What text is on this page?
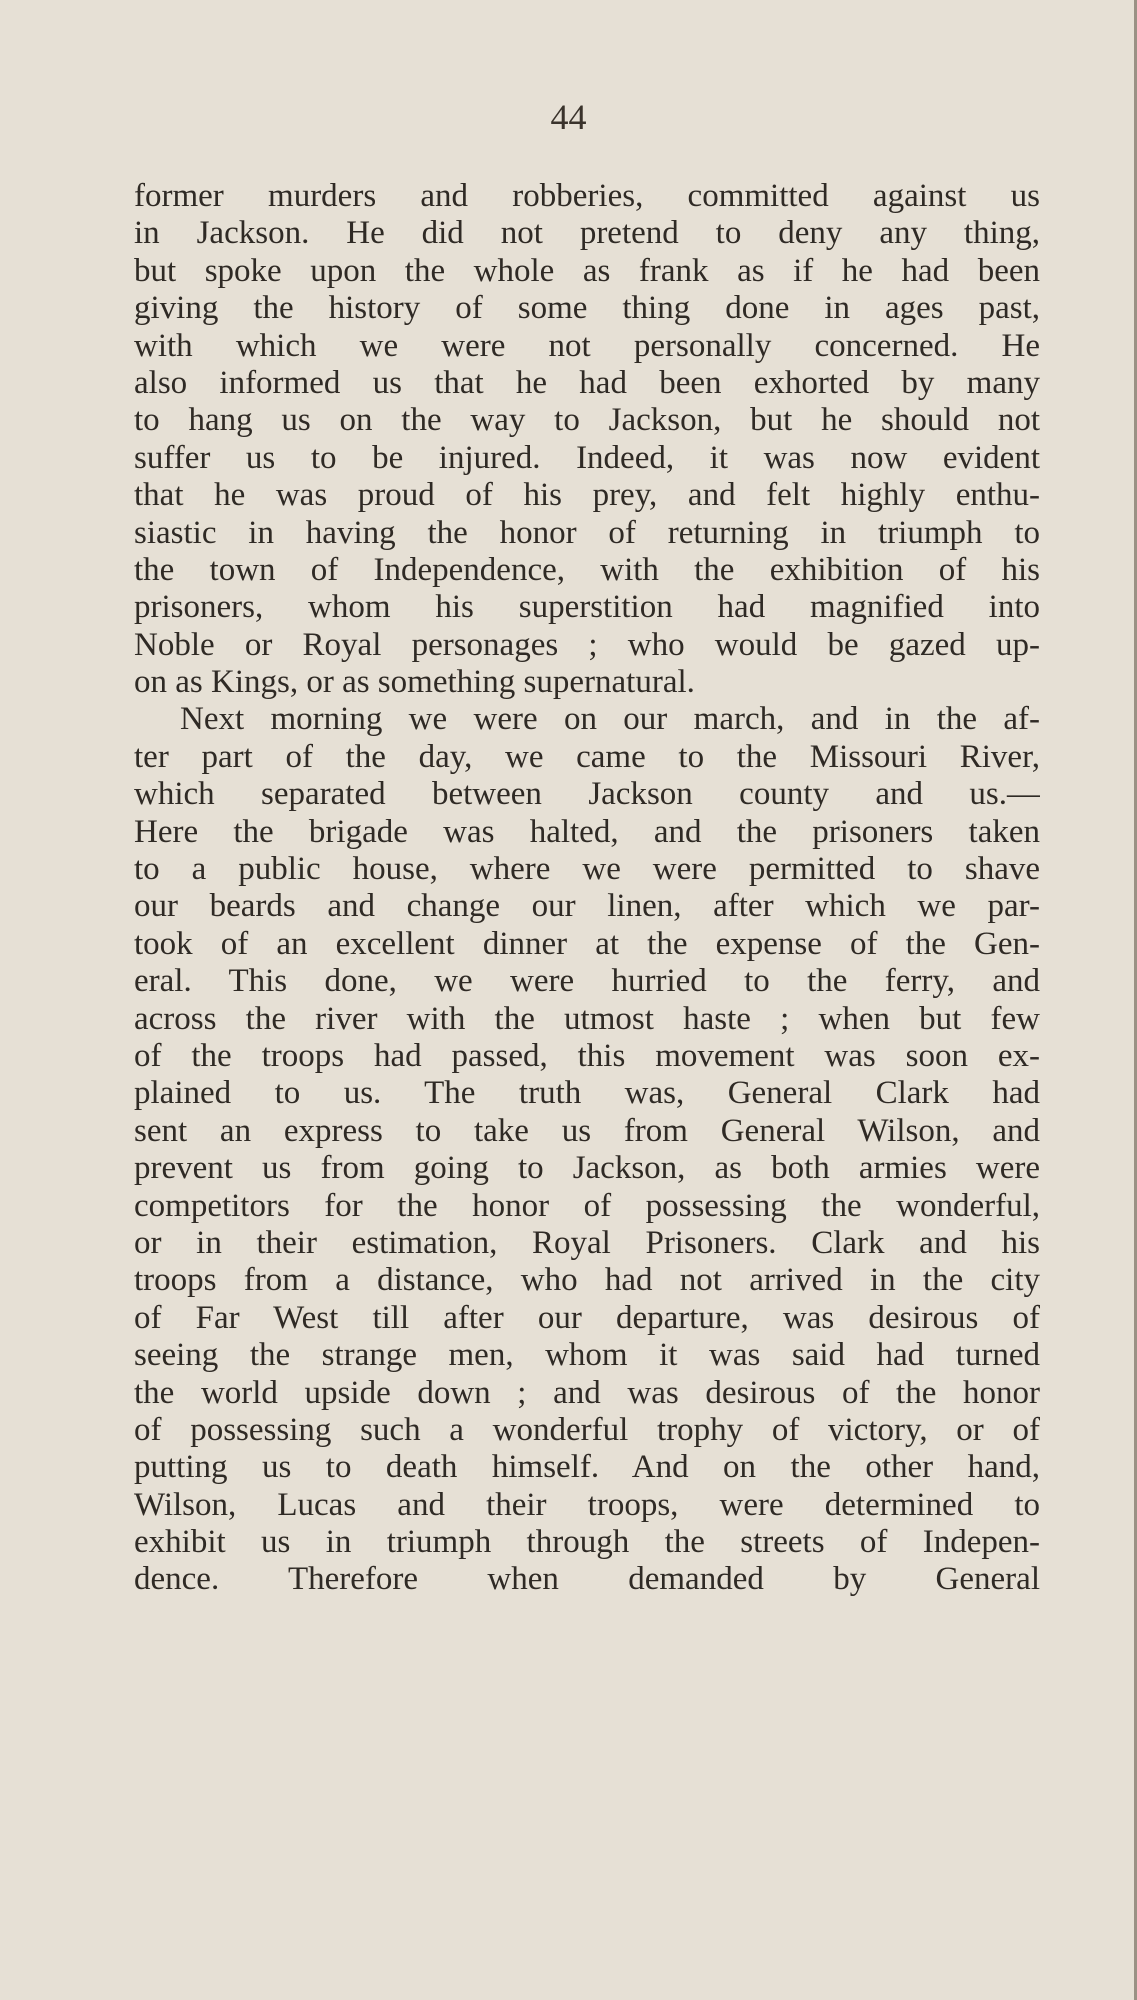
44
former murders and robberies, committed against us
in Jackson. He did not pretend to deny any thing,
but spoke upon the whole as frank as if he had been
giving the history of some thing done in ages past,
with which we were not personally concerned. He
also informed us that he had been exhorted by many
to hang us on the way to Jackson, but he should not
suffer us to be injured. Indeed, it was now evident
that he was proud of his prey, and felt highly enthu-
siastic in having the honor of returning in triumph to
the town of Independence, with the exhibition of his
prisoners, whom his superstition had magnified into
Noble or Royal personages ; who would be gazed up-
on as Kings, or as something supernatural.
Next morning we were on our march, and in the af-
ter part of the day, we came to the Missouri River,
which separated between Jackson county and us.—
Here the brigade was halted, and the prisoners taken
to a public house, where we were permitted to shave
our beards and change our linen, after which we par-
took of an excellent dinner at the expense of the Gen-
eral. This done, we were hurried to the ferry, and
across the river with the utmost haste ; when but few
of the troops had passed, this movement was soon ex-
plained to us. The truth was, General Clark had
sent an express to take us from General Wilson, and
prevent us from going to Jackson, as both armies were
competitors for the honor of possessing the wonderful,
or in their estimation, Royal Prisoners. Clark and his
troops from a distance, who had not arrived in the city
of Far West till after our departure, was desirous of
seeing the strange men, whom it was said had turned
the world upside down ; and was desirous of the honor
of possessing such a wonderful trophy of victory, or of
putting us to death himself. And on the other hand,
Wilson, Lucas and their troops, were determined to
exhibit us in triumph through the streets of Indepen-
dence. Therefore when demanded by General
